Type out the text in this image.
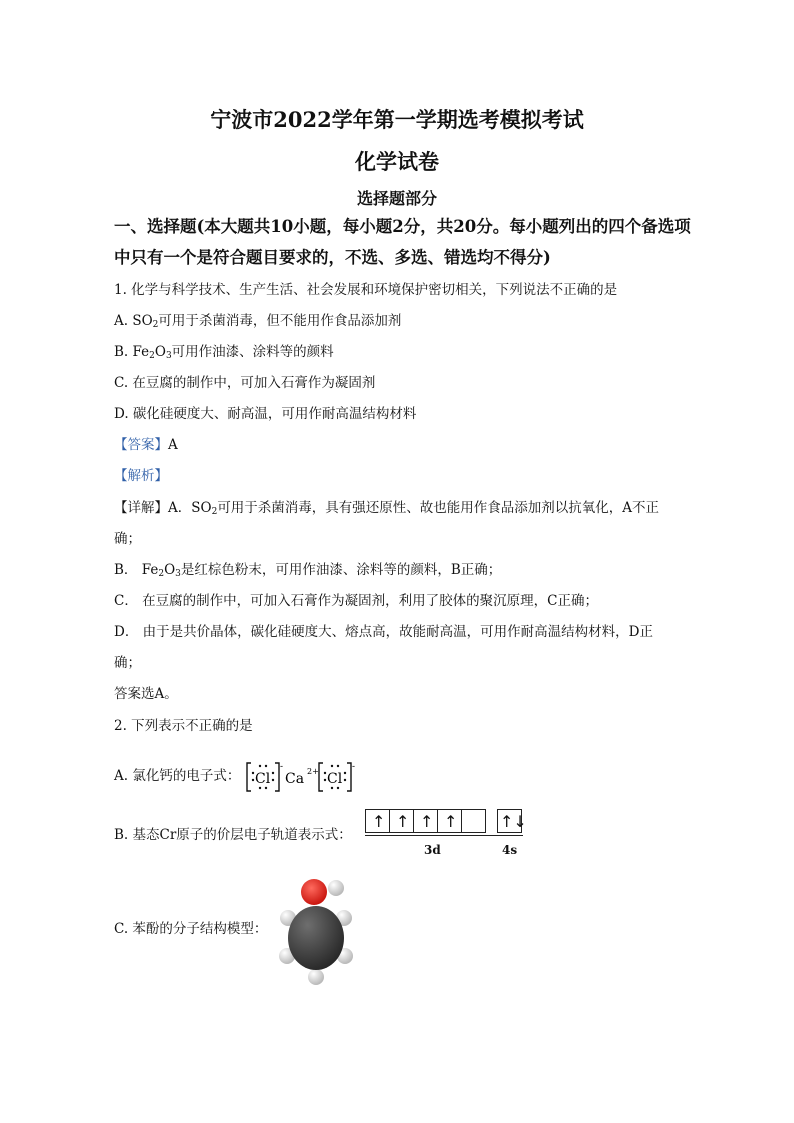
宁波市2022学年第一学期选考模拟考试
化学试卷
选择题部分
一、选择题(本大题共10小题，每小题2分，共20分。每小题列出的四个备选项
中只有一个是符合题目要求的，不选、多选、错选均不得分)
1. 化学与科学技术、生产生活、社会发展和环境保护密切相关，下列说法不正确的是
A. $SO_2$可用于杀菌消毒，但不能用作食品添加剂
B. $Fe_2O_3$可用作油漆、涂料等的颜料
C. 在豆腐的制作中，可加入石膏作为凝固剂
D. 碳化硅硬度大、耐高温，可用作耐高温结构材料
【答案】A
【解析】
【详解】A．$SO_2$可用于杀菌消毒，具有强还原性、故也能用作食品添加剂以抗氧化，A不正
确；
B． $Fe_2O_3$是红棕色粉末，可用作油漆、涂料等的颜料，B正确；
C． 在豆腐的制作中，可加入石膏作为凝固剂，利用了胶体的聚沉原理，C正确；
D． 由于是共价晶体，碳化硅硬度大、熔点高，故能耐高温，可用作耐高温结构材料，D正
确；
答案选A。
2. 下列表示不正确的是
A. 氯化钙的电子式： Cl
-
Ca 2+ Cl
-
B. 基态Cr原子的价层电子轨道表示式：
↑ ↑ ↑ ↑	↑↓
3d	4s
C. 苯酚的分子结构模型：
